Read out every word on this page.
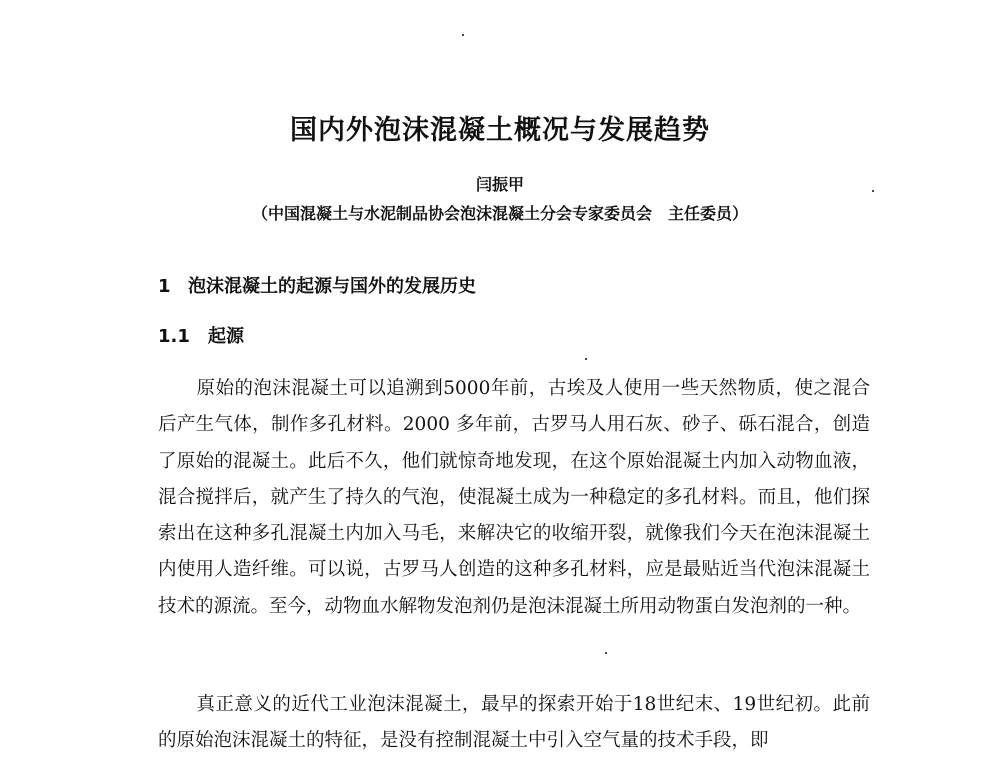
国内外泡沫混凝土概况与发展趋势
闫振甲
（中国混凝土与水泥制品协会泡沫混凝土分会专家委员会　主任委员）
1 泡沫混凝土的起源与国外的发展历史
1.1 起源
原始的泡沫混凝土可以追溯到5000年前，古埃及人使用一些天然物质，使之混合后产生气体，制作多孔材料。2000 多年前，古罗马人用石灰、砂子、砾石混合，创造了原始的混凝土。此后不久，他们就惊奇地发现，在这个原始混凝土内加入动物血液，混合搅拌后，就产生了持久的气泡，使混凝土成为一种稳定的多孔材料。而且，他们探索出在这种多孔混凝土内加入马毛，来解决它的收缩开裂，就像我们今天在泡沫混凝土内使用人造纤维。可以说，古罗马人创造的这种多孔材料，应是最贴近当代泡沫混凝土技术的源流。至今，动物血水解物发泡剂仍是泡沫混凝土所用动物蛋白发泡剂的一种。
真正意义的近代工业泡沫混凝土，最早的探索开始于18世纪末、19世纪初。此前的原始泡沫混凝土的特征，是没有控制混凝土中引入空气量的技术手段，即
